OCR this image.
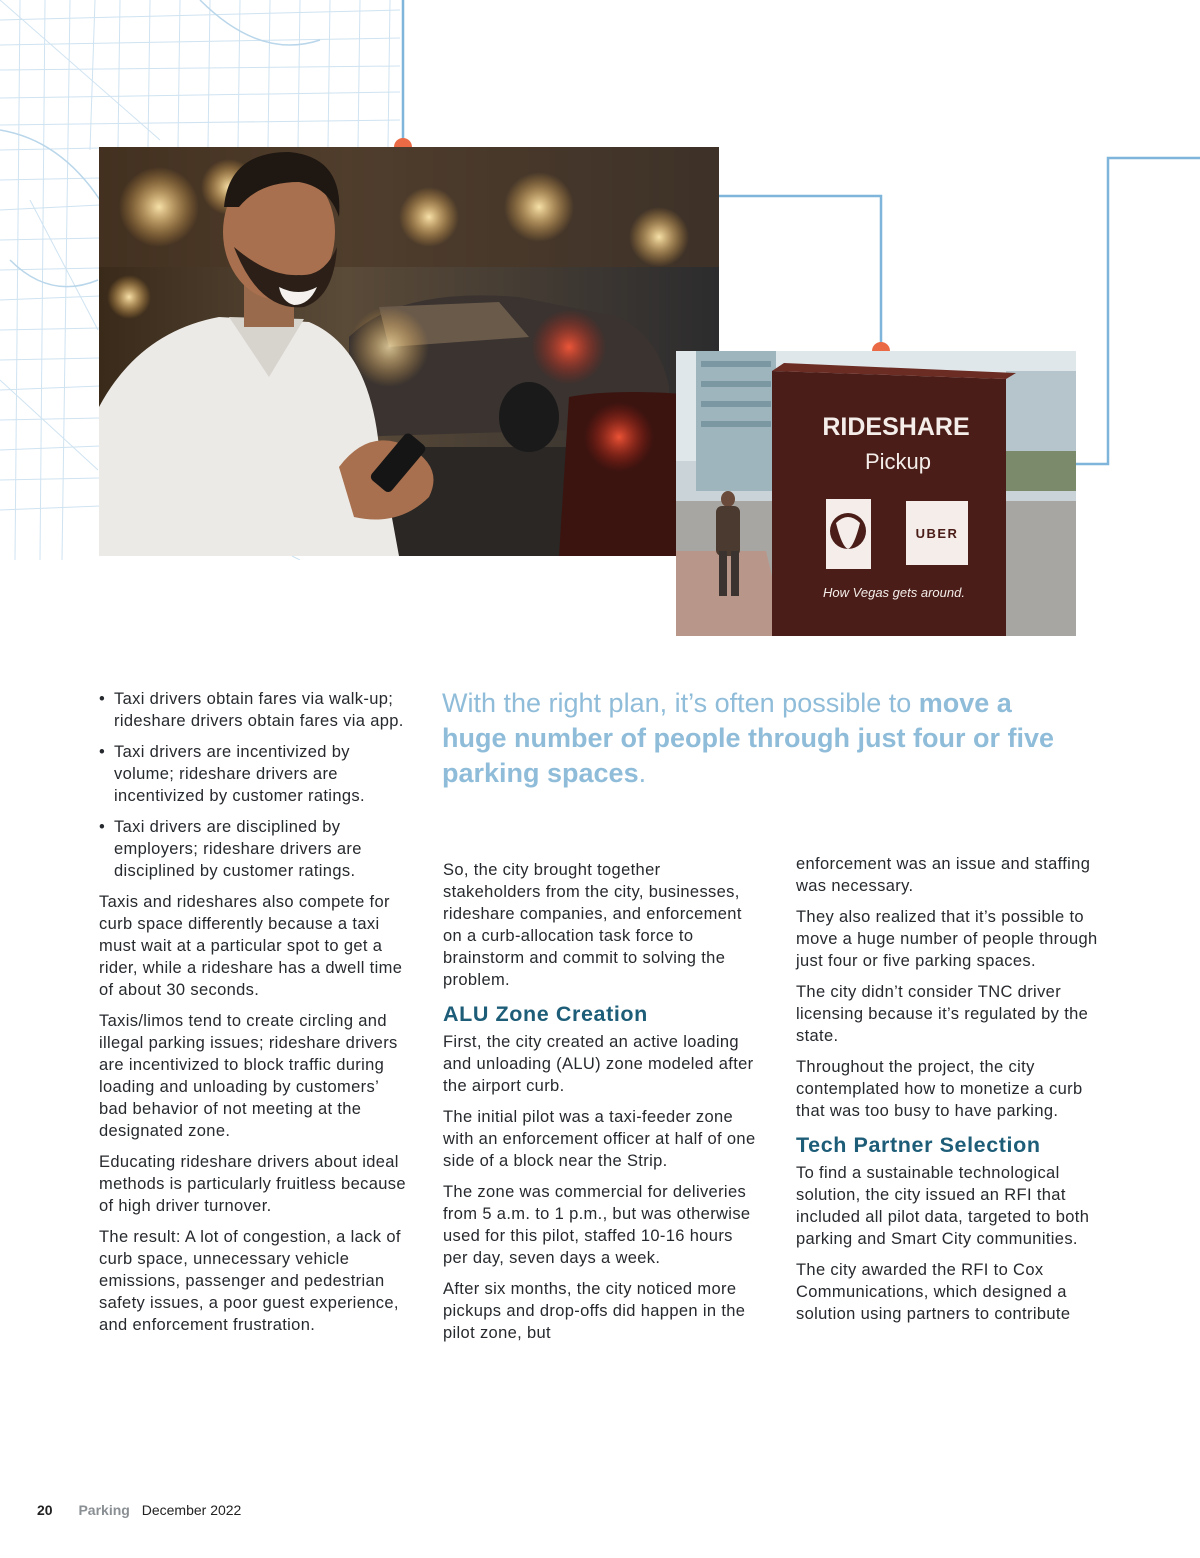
RIDESHARE
Pickup
UBER
How Vegas gets around.
With the right plan, it’s often possible to move a huge number of people through just four or five parking spaces.
• Taxi drivers obtain fares via walk-up; rideshare drivers obtain fares via app.
• Taxi drivers are incentivized by volume; rideshare drivers are incentivized by customer ratings.
• Taxi drivers are disciplined by employers; rideshare drivers are disciplined by customer ratings.

Taxis and rideshares also compete for curb space differently because a taxi must wait at a particular spot to get a rider, while a rideshare has a dwell time of about 30 seconds.

Taxis/limos tend to create circling and illegal parking issues; rideshare drivers are incentivized to block traffic during loading and unloading by customers’ bad behavior of not meeting at the designated zone.

Educating rideshare drivers about ideal methods is particularly fruitless because of high driver turnover.

The result: A lot of congestion, a lack of curb space, unnecessary vehicle emissions, passenger and pedestrian safety issues, a poor guest experience, and enforcement frustration.

So, the city brought together stakeholders from the city, businesses, rideshare companies, and enforcement on a curb-allocation task force to brainstorm and commit to solving the problem.

ALU Zone Creation

First, the city created an active loading and unloading (ALU) zone modeled after the airport curb.

The initial pilot was a taxi-feeder zone with an enforcement officer at half of one side of a block near the Strip.

The zone was commercial for deliveries from 5 a.m. to 1 p.m., but was otherwise used for this pilot, staffed 10-16 hours per day, seven days a week.

After six months, the city noticed more pickups and drop-offs did happen in the pilot zone, but

enforcement was an issue and staffing was necessary.

They also realized that it’s possible to move a huge number of people through just four or five parking spaces.

The city didn’t consider TNC driver licensing because it’s regulated by the state.

Throughout the project, the city contemplated how to monetize a curb that was too busy to have parking.

Tech Partner Selection

To find a sustainable technological solution, the city issued an RFI that included all pilot data, targeted to both parking and Smart City communities.

The city awarded the RFI to Cox Communications, which designed a solution using partners to contribute

20 Parking December 2022
